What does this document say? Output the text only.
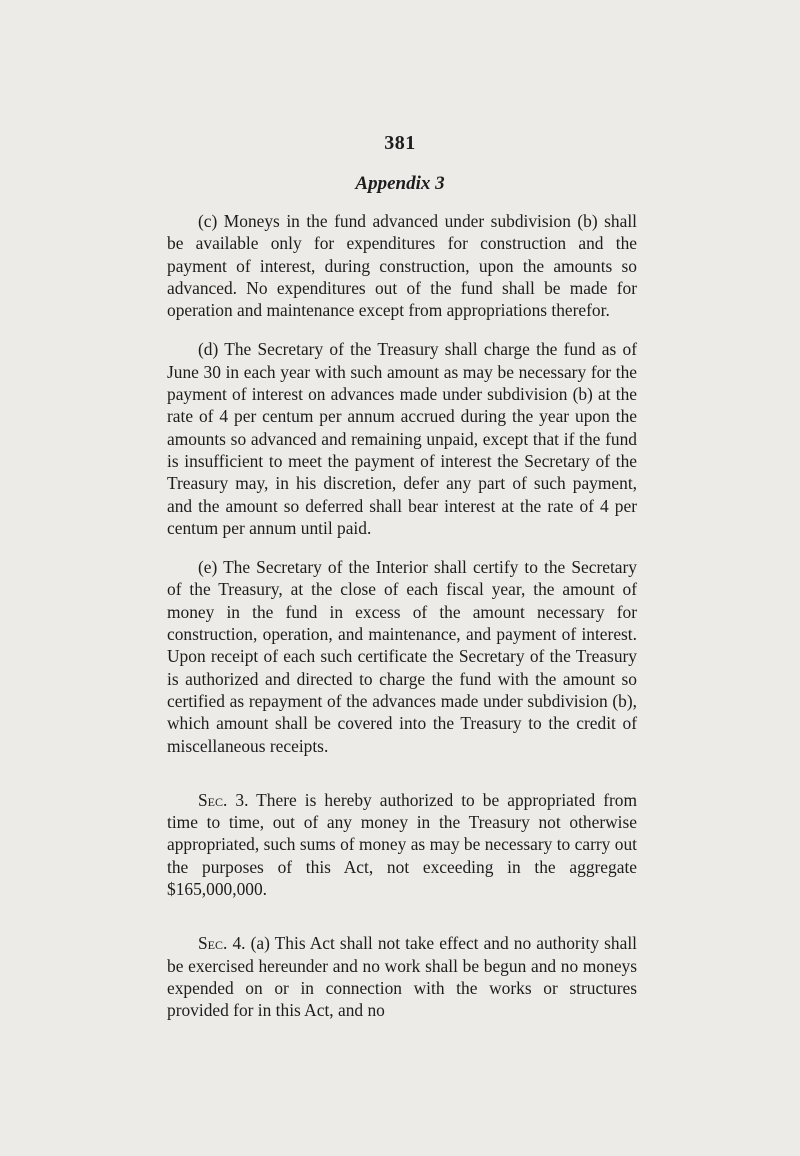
381
Appendix 3

(c) Moneys in the fund advanced under subdivision (b) shall be available only for expenditures for construction and the payment of interest, during construction, upon the amounts so advanced. No expenditures out of the fund shall be made for operation and maintenance except from appropriations therefor.

(d) The Secretary of the Treasury shall charge the fund as of June 30 in each year with such amount as may be necessary for the payment of interest on advances made under subdivision (b) at the rate of 4 per centum per annum accrued during the year upon the amounts so advanced and remaining unpaid, except that if the fund is insufficient to meet the payment of interest the Secretary of the Treasury may, in his discretion, defer any part of such payment, and the amount so deferred shall bear interest at the rate of 4 per centum per annum until paid.

(e) The Secretary of the Interior shall certify to the Secretary of the Treasury, at the close of each fiscal year, the amount of money in the fund in excess of the amount necessary for construction, operation, and maintenance, and payment of interest. Upon receipt of each such certificate the Secretary of the Treasury is authorized and directed to charge the fund with the amount so certified as repayment of the advances made under subdivision (b), which amount shall be covered into the Treasury to the credit of miscellaneous receipts.

Sec. 3. There is hereby authorized to be appropriated from time to time, out of any money in the Treasury not otherwise appropriated, such sums of money as may be necessary to carry out the purposes of this Act, not exceeding in the aggregate $165,000,000.

Sec. 4. (a) This Act shall not take effect and no authority shall be exercised hereunder and no work shall be begun and no moneys expended on or in connection with the works or structures provided for in this Act, and no
